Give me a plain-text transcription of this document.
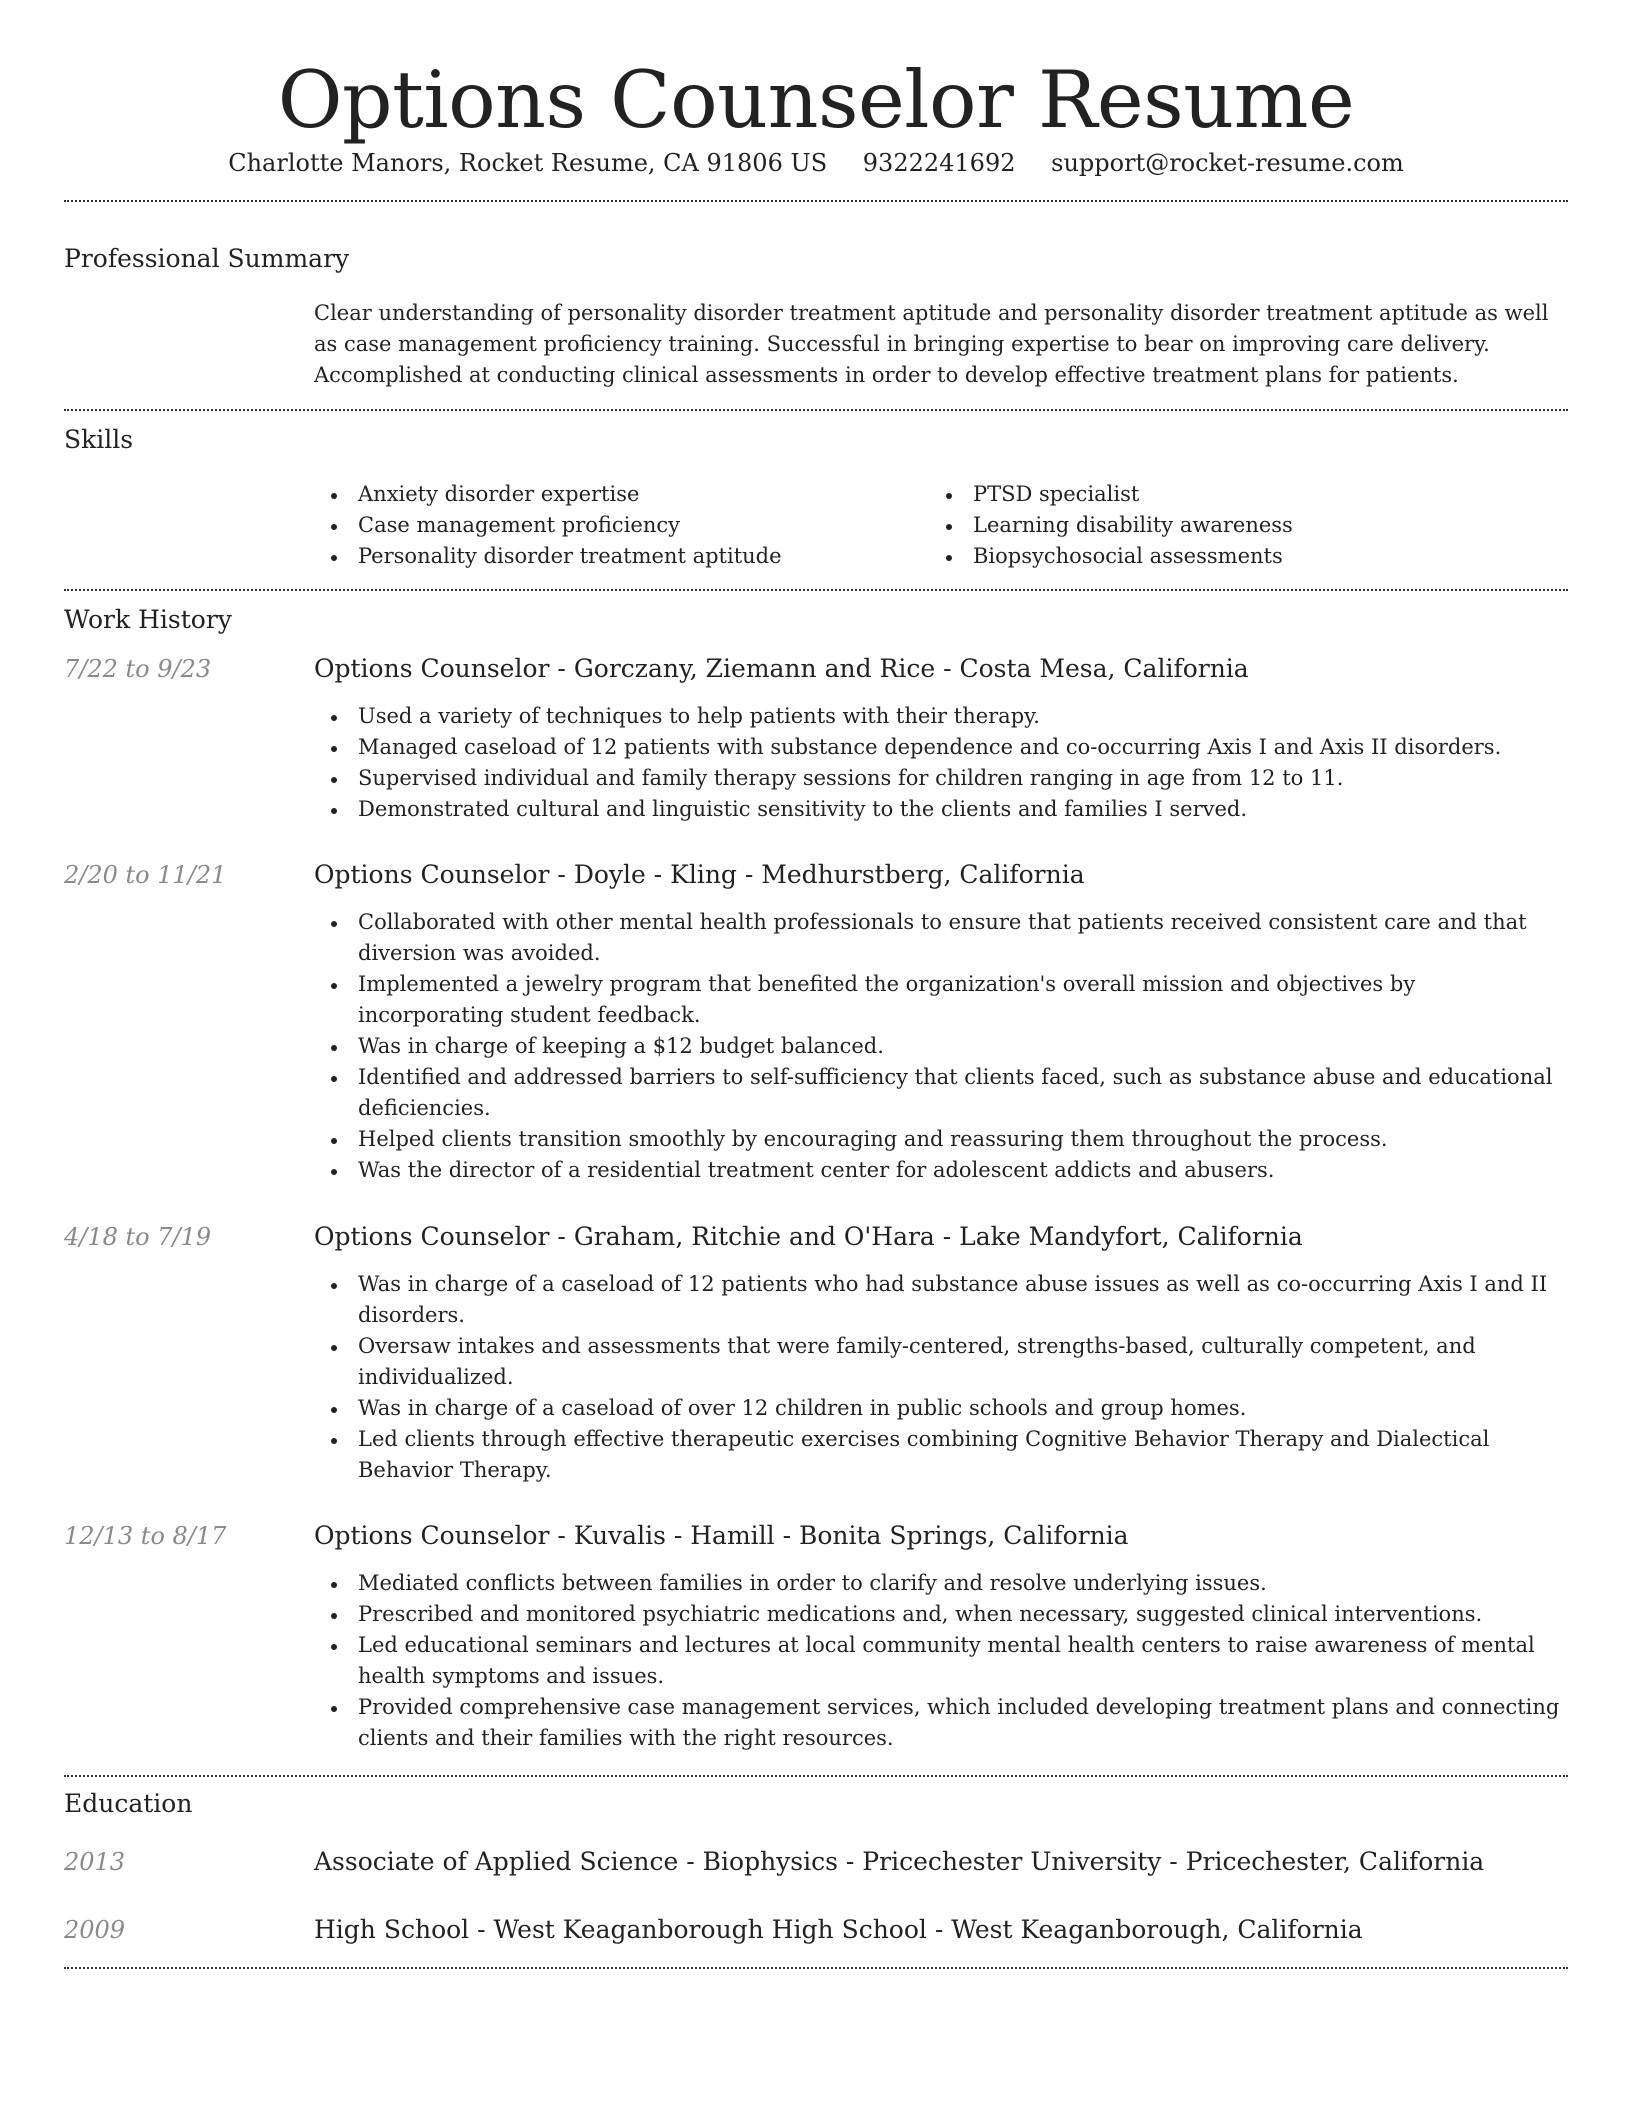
Options Counselor Resume
Charlotte Manors, Rocket Resume, CA 91806 US 9322241692 support@rocket-resume.com
Professional Summary

Clear understanding of personality disorder treatment aptitude and personality disorder treatment aptitude as well as case management proficiency training. Successful in bringing expertise to bear on improving care delivery. Accomplished at conducting clinical assessments in order to develop effective treatment plans for patients.

Skills
Anxiety disorder expertise
Case management proficiency
Personality disorder treatment aptitude
PTSD specialist
Learning disability awareness
Biopsychosocial assessments
Work History
7/22 to 9/23	Options Counselor - Gorczany, Ziemann and Rice - Costa Mesa, California
Used a variety of techniques to help patients with their therapy.
Managed caseload of 12 patients with substance dependence and co-occurring Axis I and Axis II disorders.
Supervised individual and family therapy sessions for children ranging in age from 12 to 11.
Demonstrated cultural and linguistic sensitivity to the clients and families I served.
2/20 to 11/21	Options Counselor - Doyle - Kling - Medhurstberg, California
Collaborated with other mental health professionals to ensure that patients received consistent care and that diversion was avoided.
Implemented a jewelry program that benefited the organization's overall mission and objectives by incorporating student feedback.
Was in charge of keeping a $12 budget balanced.
Identified and addressed barriers to self-sufficiency that clients faced, such as substance abuse and educational deficiencies.
Helped clients transition smoothly by encouraging and reassuring them throughout the process.
Was the director of a residential treatment center for adolescent addicts and abusers.
4/18 to 7/19	Options Counselor - Graham, Ritchie and O'Hara - Lake Mandyfort, California
Was in charge of a caseload of 12 patients who had substance abuse issues as well as co-occurring Axis I and II disorders.
Oversaw intakes and assessments that were family-centered, strengths-based, culturally competent, and individualized.
Was in charge of a caseload of over 12 children in public schools and group homes.
Led clients through effective therapeutic exercises combining Cognitive Behavior Therapy and Dialectical Behavior Therapy.
12/13 to 8/17	Options Counselor - Kuvalis - Hamill - Bonita Springs, California
Mediated conflicts between families in order to clarify and resolve underlying issues.
Prescribed and monitored psychiatric medications and, when necessary, suggested clinical interventions.
Led educational seminars and lectures at local community mental health centers to raise awareness of mental health symptoms and issues.
Provided comprehensive case management services, which included developing treatment plans and connecting clients and their families with the right resources.
Education
2013	Associate of Applied Science - Biophysics - Pricechester University - Pricechester, California
2009	High School - West Keaganborough High School - West Keaganborough, California
